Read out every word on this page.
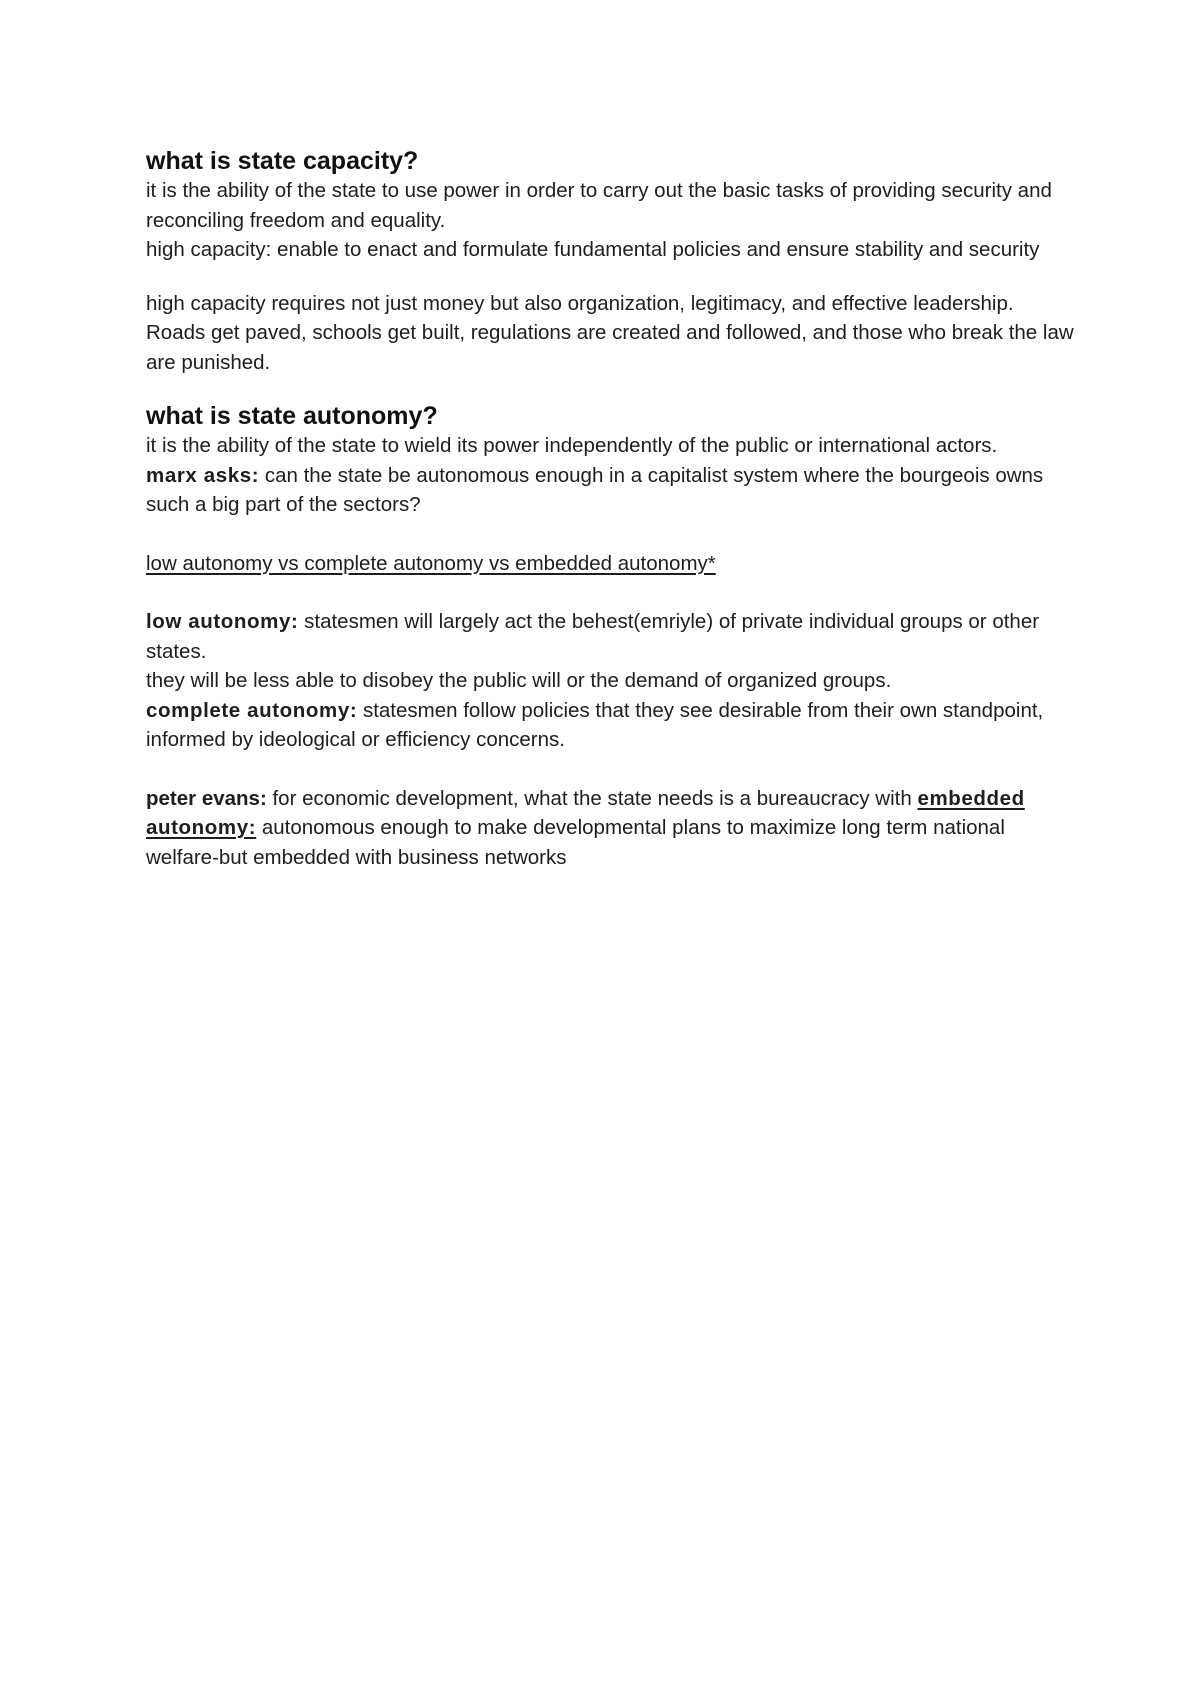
what is state capacity?

it is the ability of the state to use power in order to carry out the basic tasks of providing security and reconciling freedom and equality.

high capacity: enable to enact and formulate fundamental policies and ensure stability and security

high capacity requires not just money but also organization, legitimacy, and effective leadership. Roads get paved, schools get built, regulations are created and followed, and those who break the law are punished.

what is state autonomy?

it is the ability of the state to wield its power independently of the public or international actors.

marx asks: can the state be autonomous enough in a capitalist system where the bourgeois owns such a big part of the sectors?

low autonomy vs complete autonomy vs embedded autonomy*

low autonomy: statesmen will largely act the behest(emriyle) of private individual groups or other states.

they will be less able to disobey the public will or the demand of organized groups.

complete autonomy: statesmen follow policies that they see desirable from their own standpoint, informed by ideological or efficiency concerns.

peter evans: for economic development, what the state needs is a bureaucracy with embedded autonomy: autonomous enough to make developmental plans to maximize long term national welfare-but embedded with business networks
